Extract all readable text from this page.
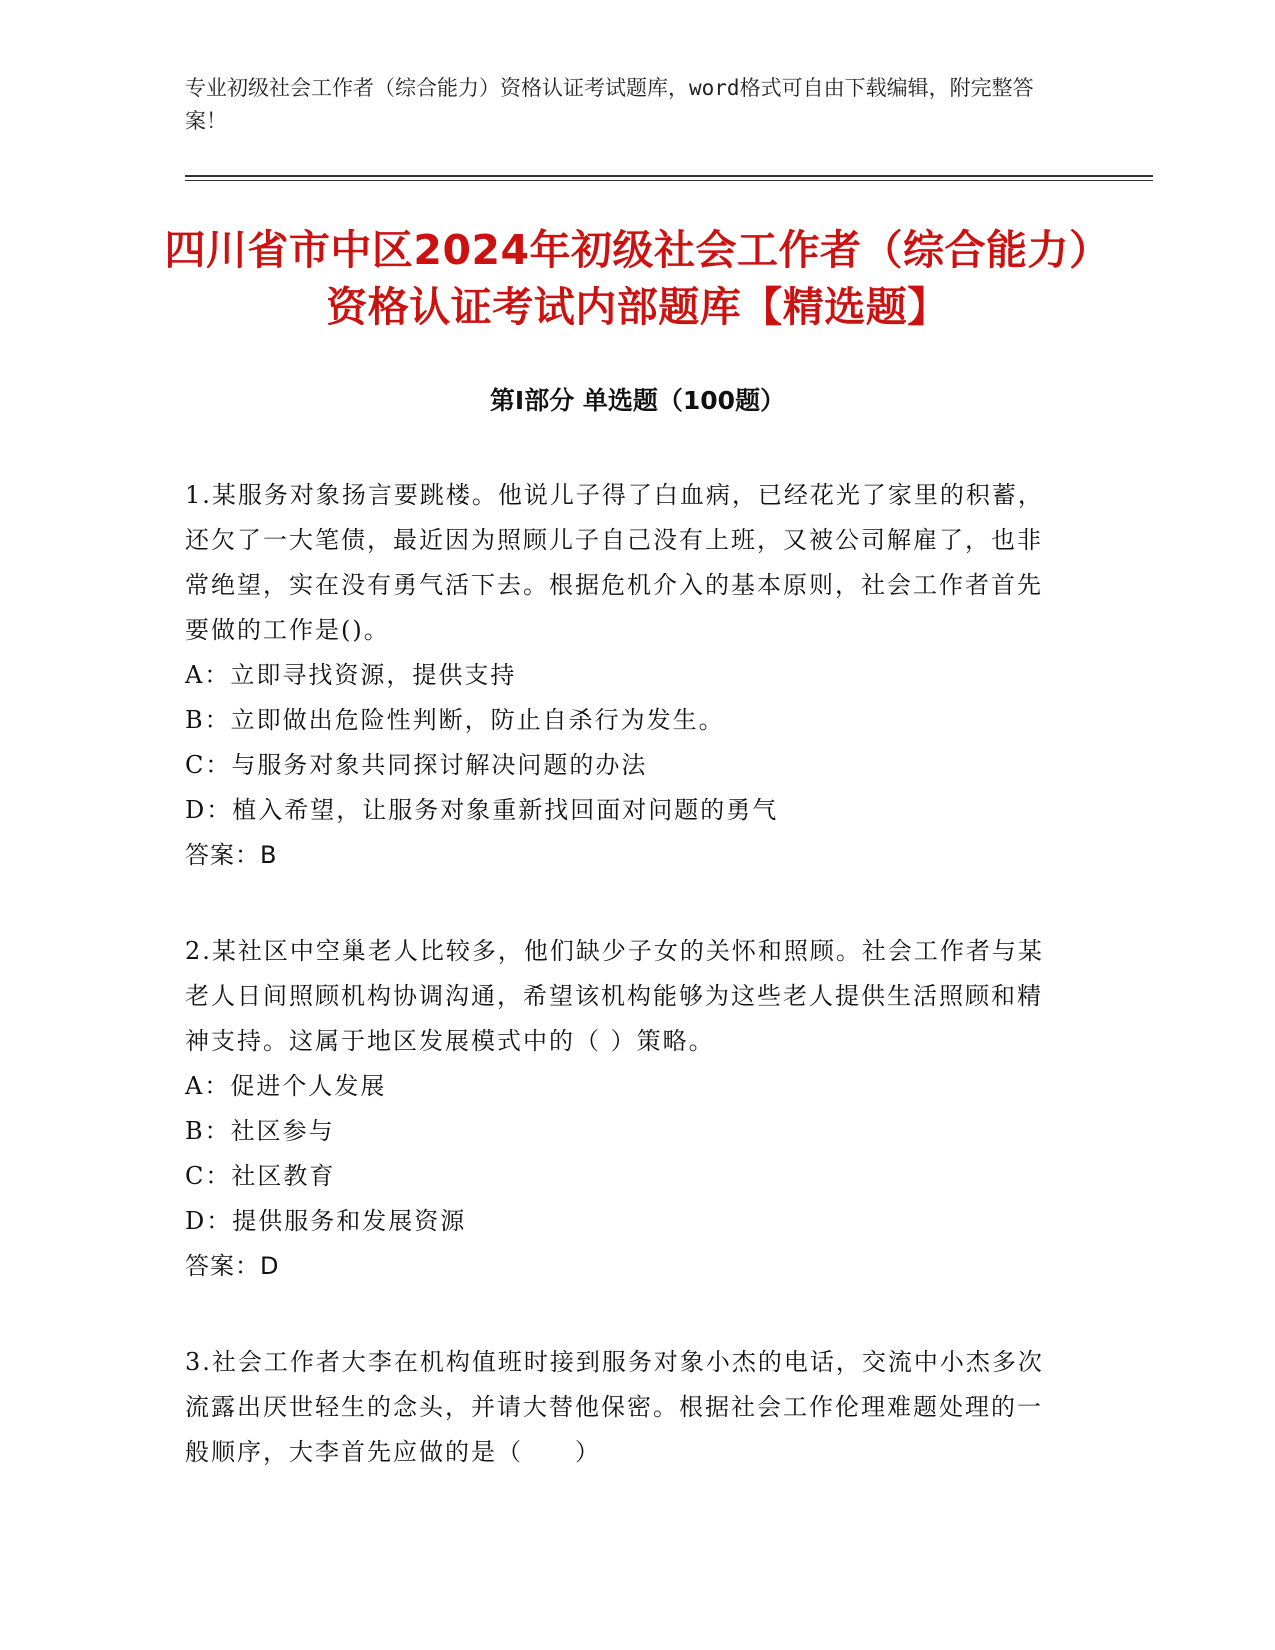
专业初级社会工作者（综合能力）资格认证考试题库，word格式可自由下载编辑，附完整答案！
四川省市中区2024年初级社会工作者（综合能力）资格认证考试内部题库【精选题】
第Ⅰ部分 单选题（100题）
1.某服务对象扬言要跳楼。他说儿子得了白血病，已经花光了家里的积蓄，还欠了一大笔债，最近因为照顾儿子自己没有上班，又被公司解雇了，也非常绝望，实在没有勇气活下去。根据危机介入的基本原则，社会工作者首先要做的工作是()。
A：立即寻找资源，提供支持
B：立即做出危险性判断，防止自杀行为发生。
C：与服务对象共同探讨解决问题的办法
D：植入希望，让服务对象重新找回面对问题的勇气
答案：B
2.某社区中空巢老人比较多，他们缺少子女的关怀和照顾。社会工作者与某老人日间照顾机构协调沟通，希望该机构能够为这些老人提供生活照顾和精神支持。这属于地区发展模式中的（ ）策略。
A：促进个人发展
B：社区参与
C：社区教育
D：提供服务和发展资源
答案：D
3.社会工作者大李在机构值班时接到服务对象小杰的电话，交流中小杰多次流露出厌世轻生的念头，并请大替他保密。根据社会工作伦理难题处理的一般顺序，大李首先应做的是（　　）
